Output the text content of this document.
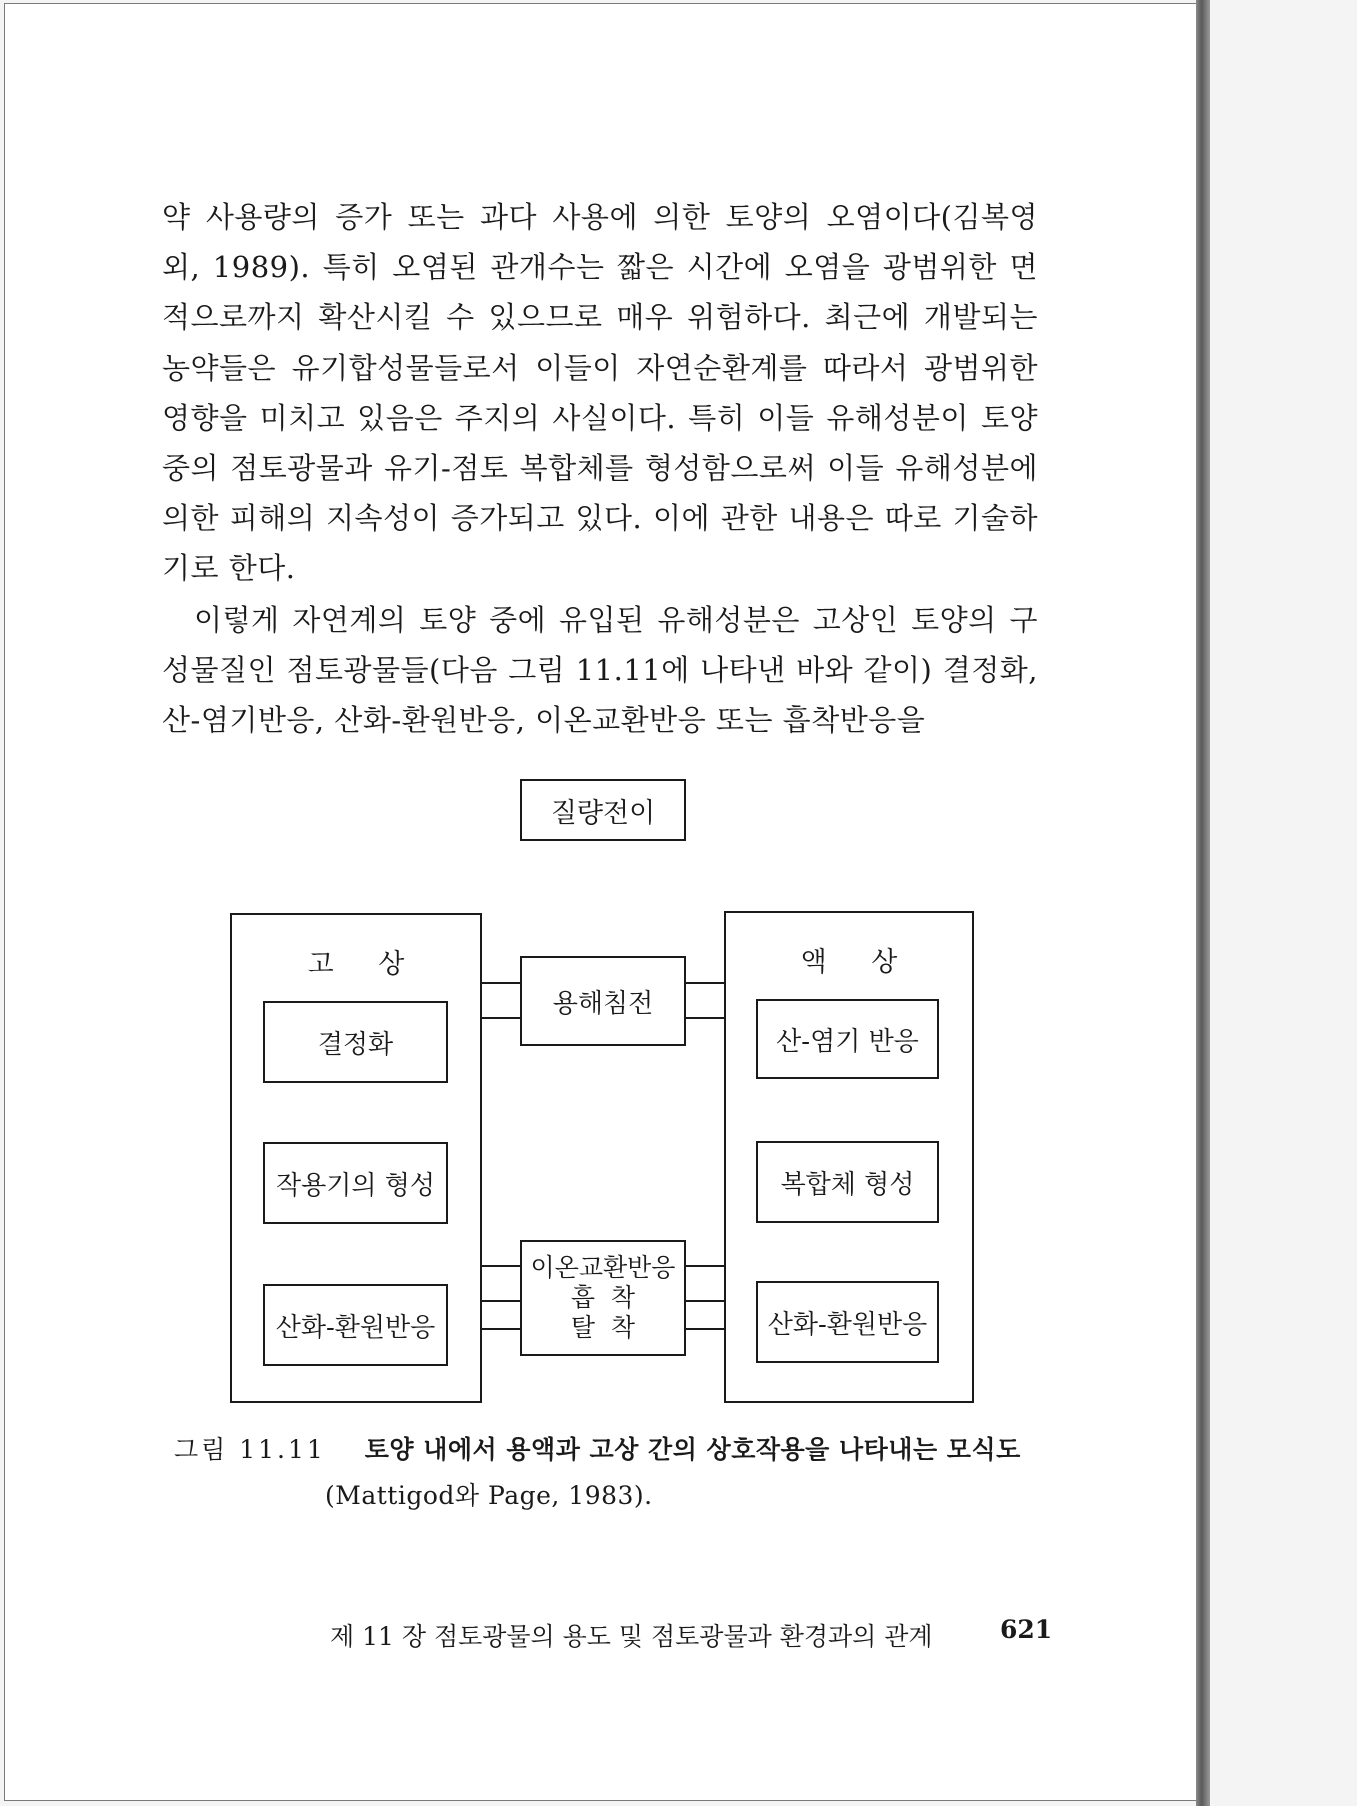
약 사용량의 증가 또는 과다 사용에 의한 토양의 오염이다(김복영 외, 1989). 특히 오염된 관개수는 짧은 시간에 오염을 광범위한 면적으로까지 확산시킬 수 있으므로 매우 위험하다. 최근에 개발되는 농약들은 유기합성물들로서 이들이 자연순환계를 따라서 광범위한 영향을 미치고 있음은 주지의 사실이다. 특히 이들 유해성분이 토양 중의 점토광물과 유기-점토 복합체를 형성함으로써 이들 유해성분에 의한 피해의 지속성이 증가되고 있다. 이에 관한 내용은 따로 기술하기로 한다.

이렇게 자연계의 토양 중에 유입된 유해성분은 고상인 토양의 구성물질인 점토광물들(다음 그림 11.11에 나타낸 바와 같이) 결정화, 산-염기반응, 산화-환원반응, 이온교환반응 또는 흡착반응을

질량전이
고 상
결정화
작용기의 형성
산화-환원반응
액 상
산-염기 반응
복합체 형성
산화-환원반응
용해침전
이온교환반응
흡  착
탈  착
그림 11.11 토양 내에서 용액과 고상 간의 상호작용을 나타내는 모식도
(Mattigod와 Page, 1983).
제 11 장 점토광물의 용도 및 점토광물과 환경과의 관계	621
